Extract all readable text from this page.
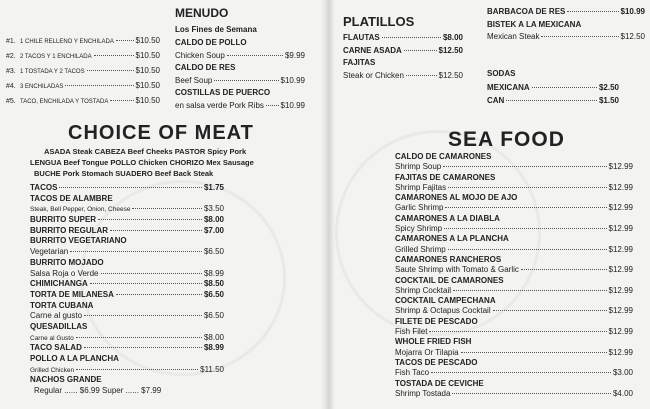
#1. 1 CHILE RELLENO Y ENCHILADA	$10.50
#2. 2 TACOS Y 1 ENCHILADA	$10.50
#3. 1 TOSTADA Y 2 TACOS	$10.50
#4. 3 ENCHILADAS	$10.50
#5. TACO, ENCHILADA Y TOSTADA	$10.50
MENUDO
Los Fines de Semana
CALDO DE POLLO
Chicken Soup	$9.99
CALDO DE RES
Beef Soup	$10.99
COSTILLAS DE PUERCO
en salsa verde Pork Ribs $10.99
CHOICE OF MEAT
ASADA Steak CABEZA Beef Cheeks PASTOR Spicy Pork
LENGUA Beef Tongue POLLO Chicken CHORIZO Mex Sausage
BUCHE Pork Stomach SUADERO Beef Back Steak
TACOS	$1.75
TACOS DE ALAMBRE
Steak, Bell Pepper, Onion, Cheese	$3.50
BURRITO SUPER	$8.00
BURRITO REGULAR	$7.00
BURRITO VEGETARIANO
Vegetarian	$6.50
BURRITO MOJADO
Salsa Roja o Verde	$8.99
CHIMICHANGA	$8.50
TORTA DE MILANESA	$6.50
TORTA CUBANA
Carne al gusto	$6.50
QUESADILLAS
Carne al Gusto	$8.00
TACO SALAD	$8.99
POLLO A LA PLANCHA
Grilled Chicken	$11.50
NACHOS GRANDE
Regular ...... $6.99 Super ...... $7.99
PLATILLOS
FLAUTAS	$8.00
CARNE ASADA	$12.50
FAJITAS
Steak or Chicken	$12.50
BARBACOA DE RES	$10.99
BISTEK A LA MEXICANA
Mexican Steak	$12.50
SODAS
MEXICANA	$2.50
CAN	$1.50
SEA FOOD
CALDO DE CAMARONES
Shrimp Soup	$12.99
FAJITAS DE CAMARONES
Shrimp Fajitas	$12.99
CAMARONES AL MOJO DE AJO
Garlic Shrimp	$12.99
CAMARONES A LA DIABLA
Spicy Shrimp	$12.99
CAMARONES A LA PLANCHA
Grilled Shrimp	$12.99
CAMARONES RANCHEROS
Saute Shrimp with Tomato & Garlic	$12.99
COCKTAIL DE CAMARONES
Shrimp Cocktail	$12.99
COCKTAIL CAMPECHANA
Shrimp & Octapus Cocktail	$12.99
FILETE DE PESCADO
Fish Filet	$12.99
WHOLE FRIED FISH
Mojarra Or Tilapia	$12.99
TACOS DE PESCADO
Fish Taco	$3.00
TOSTADA DE CEVICHE
Shrimp Tostada	$4.00
